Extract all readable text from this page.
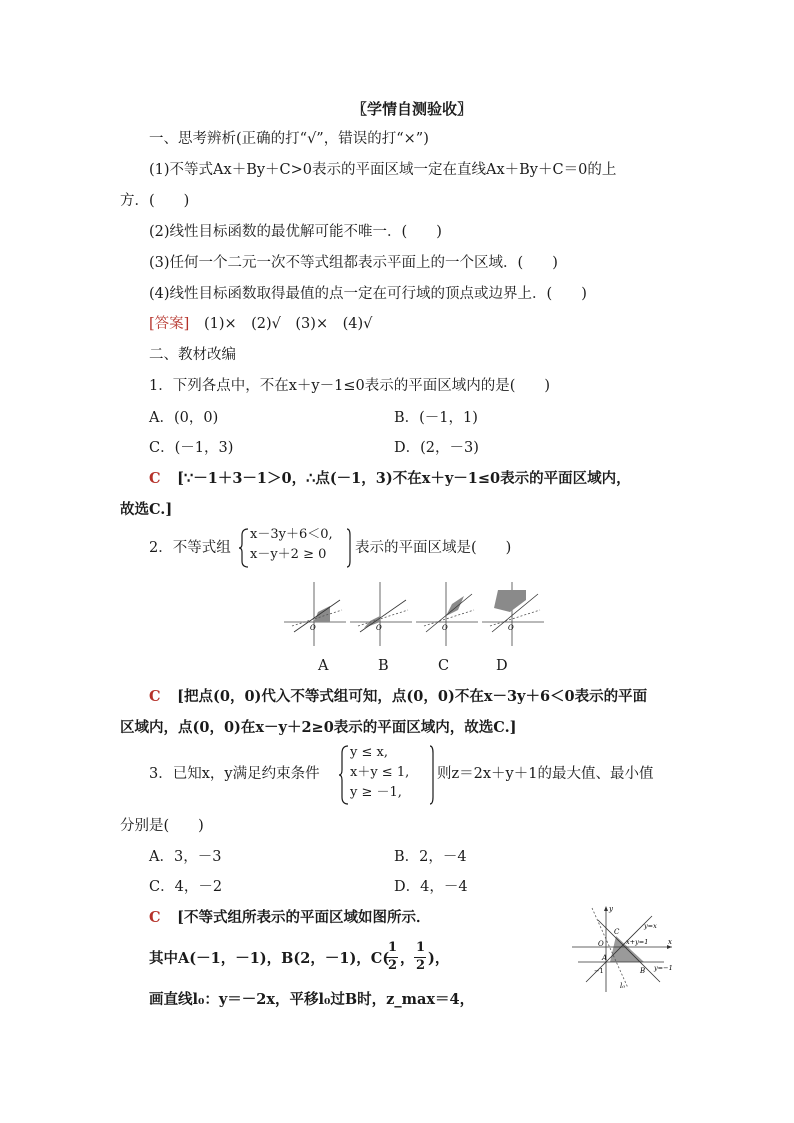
〖学情自测验收〗
一、思考辨析(正确的打“√”，错误的打“×”)
(1)不等式Ax＋By＋C>0表示的平面区域一定在直线Ax＋By＋C＝0的上
方．(　　)
(2)线性目标函数的最优解可能不唯一．(　　)
(3)任何一个二元一次不等式组都表示平面上的一个区域．(　　)
(4)线性目标函数取得最值的点一定在可行域的顶点或边界上．(　　)
[答案] (1)×　(2)√　(3)×　(4)√
二、教材改编
1．下列各点中，不在x＋y－1≤0表示的平面区域内的是(　　)
A．(0，0)	B．(－1，1)
C．(－1，3)	D．(2，－3)
C [∵－1＋3－1＞0，∴点(－1，3)不在x＋y－1≤0表示的平面区域内，
故选C.]
2．不等式组
x－3y＋6＜0,
x－y＋2 ≥ 0 表示的平面区域是(　　)
O	O	O	O
A	B	C	D
C [把点(0，0)代入不等式组可知，点(0，0)不在x－3y＋6＜0表示的平面
区域内，点(0，0)在x－y＋2≥0表示的平面区域内，故选C.]
3．已知x，y满足约束条件
y ≤ x,
x＋y ≤ 1,
y ≥ －1,
则z＝2x＋y＋1的最大值、最小值
分别是(　　)
A．3，－3	B．2，－4
C．4，－2	D．4，－4
C [不等式组所表示的平面区域如图所示．
其中A(－1，－1)，B(2，－1)，C(
1
2 ，
1
2 )，
画直线l₀：y＝－2x，平移l₀过B时，z_max＝4，
y=x
x+y=1
y=−1
C
O
A
B
−1
x
y
l₀
